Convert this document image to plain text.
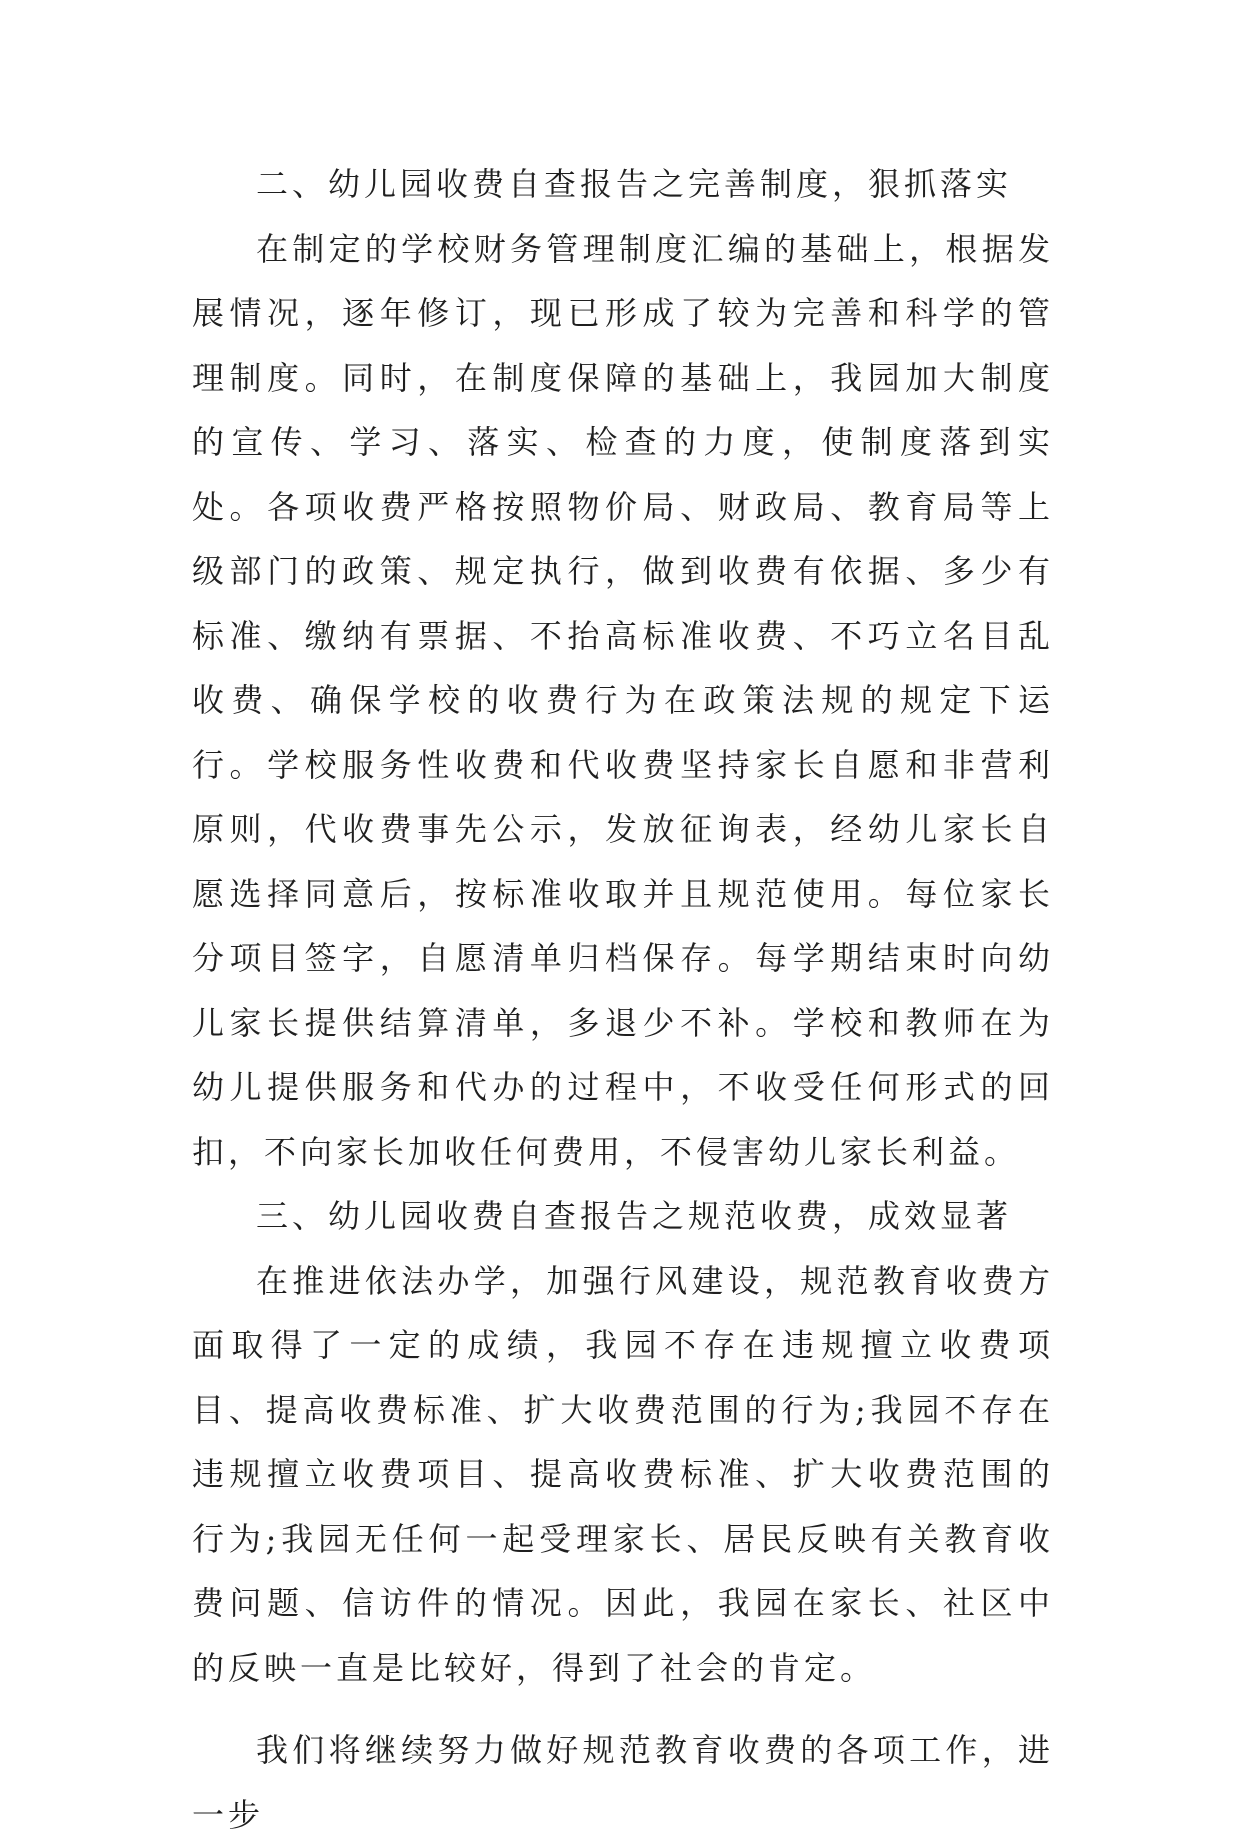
二、幼儿园收费自查报告之完善制度，狠抓落实

在制定的学校财务管理制度汇编的基础上，根据发展情况，逐年修订，现已形成了较为完善和科学的管理制度。同时，在制度保障的基础上，我园加大制度的宣传、学习、落实、检查的力度，使制度落到实处。各项收费严格按照物价局、财政局、教育局等上级部门的政策、规定执行，做到收费有依据、多少有标准、缴纳有票据、不抬高标准收费、不巧立名目乱收费、确保学校的收费行为在政策法规的规定下运行。学校服务性收费和代收费坚持家长自愿和非营利原则，代收费事先公示，发放征询表，经幼儿家长自愿选择同意后，按标准收取并且规范使用。每位家长分项目签字，自愿清单归档保存。每学期结束时向幼儿家长提供结算清单，多退少不补。学校和教师在为幼儿提供服务和代办的过程中，不收受任何形式的回扣，不向家长加收任何费用，不侵害幼儿家长利益。

三、幼儿园收费自查报告之规范收费，成效显著

在推进依法办学，加强行风建设，规范教育收费方面取得了一定的成绩，我园不存在违规擅立收费项目、提高收费标准、扩大收费范围的行为;我园不存在违规擅立收费项目、提高收费标准、扩大收费范围的行为;我园无任何一起受理家长、居民反映有关教育收费问题、信访件的情况。因此，我园在家长、社区中的反映一直是比较好，得到了社会的肯定。

我们将继续努力做好规范教育收费的各项工作，进一步
